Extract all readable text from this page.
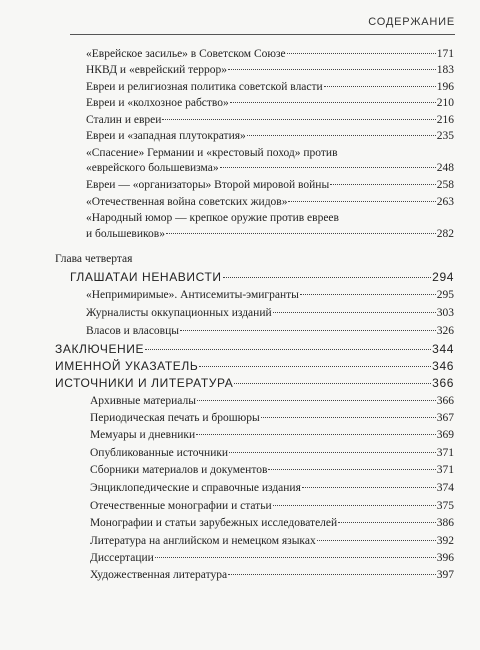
СОДЕРЖАНИЕ
«Еврейское засилье» в Советском Союзе	171
НКВД и «еврейский террор»	183
Евреи и религиозная политика советской власти	196
Евреи и «колхозное рабство»	210
Сталин и евреи	216
Евреи и «западная плутократия»	235
«Спасение» Германии и «крестовый поход» против
«еврейского большевизма»	248
Евреи — «организаторы» Второй мировой войны	258
«Отечественная война советских жидов»	263
«Народный юмор — крепкое оружие против евреев
и большевиков»	282
Глава четвертая
ГЛАШАТАИ НЕНАВИСТИ	294
«Непримиримые». Антисемиты-эмигранты	295
Журналисты оккупационных изданий	303
Власов и власовцы	326
ЗАКЛЮЧЕНИЕ	344
ИМЕННОЙ УКАЗАТЕЛЬ	346
ИСТОЧНИКИ И ЛИТЕРАТУРА	366
Архивные материалы	366
Периодическая печать и брошюры	367
Мемуары и дневники	369
Опубликованные источники	371
Сборники материалов и документов	371
Энциклопедические и справочные издания	374
Отечественные монографии и статьи	375
Монографии и статьи зарубежных исследователей	386
Литература на английском и немецком языках	392
Диссертации	396
Художественная литература	397
